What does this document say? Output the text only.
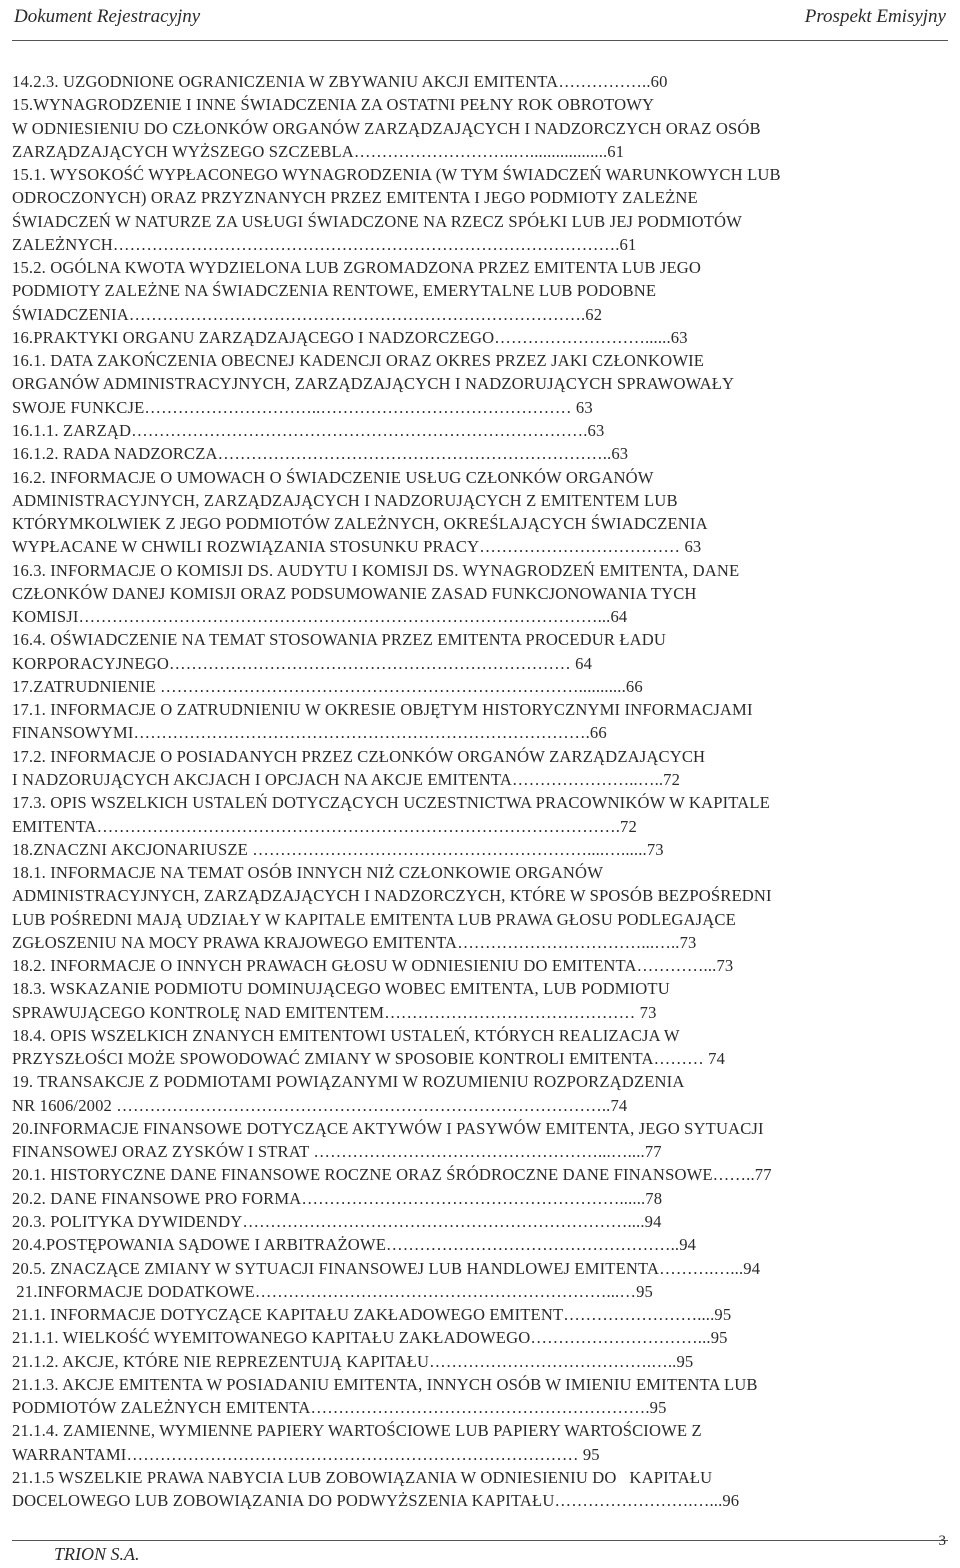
Dokument Rejestracyjny	Prospekt Emisyjny
14.2.3. UZGODNIONE OGRANICZENIA W ZBYWANIU AKCJI EMITENTA……………..60
15.WYNAGRODZENIE I INNE ŚWIADCZENIA ZA OSTATNI PEŁNY ROK OBROTOWY
W ODNIESIENIU DO CZŁONKÓW ORGANÓW ZARZĄDZAJĄCYCH I NADZORCZYCH ORAZ OSÓB
ZARZĄDZAJĄCYCH WYŻSZEGO SZCZEBLA………………………..…..................61
15.1. WYSOKOŚĆ WYPŁACONEGO WYNAGRODZENIA (W TYM ŚWIADCZEŃ WARUNKOWYCH LUB
ODROCZONYCH) ORAZ PRZYZNANYCH PRZEZ EMITENTA I JEGO PODMIOTY ZALEŻNE
ŚWIADCZEŃ W NATURZE ZA USŁUGI ŚWIADCZONE NA RZECZ SPÓŁKI LUB JEJ PODMIOTÓW
ZALEŻNYCH……………………………………………………………………………….61
15.2. OGÓLNA KWOTA WYDZIELONA LUB ZGROMADZONA PRZEZ EMITENTA LUB JEGO
PODMIOTY ZALEŻNE NA ŚWIADCZENIA RENTOWE, EMERYTALNE LUB PODOBNE
ŚWIADCZENIA……………………………………………………………………….62
16.PRAKTYKI ORGANU ZARZĄDZAJĄCEGO I NADZORCZEGO………………………......63
16.1. DATA ZAKOŃCZENIA OBECNEJ KADENCJI ORAZ OKRES PRZEZ JAKI CZŁONKOWIE
ORGANÓW ADMINISTRACYJNYCH, ZARZĄDZAJĄCYCH I NADZORUJĄCYCH SPRAWOWAŁY
SWOJE FUNKCJE…………………………..……………………………………… 63
16.1.1. ZARZĄD……………………………………………………………………….63
16.1.2. RADA NADZORCZA……………………………………………………………..63
16.2. INFORMACJE O UMOWACH O ŚWIADCZENIE USŁUG CZŁONKÓW ORGANÓW
ADMINISTRACYJNYCH, ZARZĄDZAJĄCYCH I NADZORUJĄCYCH Z EMITENTEM LUB
KTÓRYMKOLWIEK Z JEGO PODMIOTÓW ZALEŻNYCH, OKREŚLAJĄCYCH ŚWIADCZENIA
WYPŁACANE W CHWILI ROZWIĄZANIA STOSUNKU PRACY……………………………… 63
16.3. INFORMACJE O KOMISJI DS. AUDYTU I KOMISJI DS. WYNAGRODZEŃ EMITENTA, DANE
CZŁONKÓW DANEJ KOMISJI ORAZ PODSUMOWANIE ZASAD FUNKCJONOWANIA TYCH
KOMISJI…………………………………………………………………………………...64
16.4. OŚWIADCZENIE NA TEMAT STOSOWANIA PRZEZ EMITENTA PROCEDUR ŁADU
KORPORACYJNEGO……………………………………………………………… 64
17.ZATRUDNIENIE …………………………………………………………………...........66
17.1. INFORMACJE O ZATRUDNIENIU W OKRESIE OBJĘTYM HISTORYCZNYMI INFORMACJAMI
FINANSOWYMI……………………………………………………………………….66
17.2. INFORMACJE O POSIADANYCH PRZEZ CZŁONKÓW ORGANÓW ZARZĄDZAJĄCYCH
I NADZORUJĄCYCH AKCJACH I OPCJACH NA AKCJE EMITENTA…………………..…..72
17.3. OPIS WSZELKICH USTALEŃ DOTYCZĄCYCH UCZESTNICTWA PRACOWNIKÓW W KAPITALE
EMITENTA………………………………………………………………………………….72
18.ZNACZNI AKCJONARIUSZE ……………………………………………………....…......73
18.1. INFORMACJE NA TEMAT OSÓB INNYCH NIŻ CZŁONKOWIE ORGANÓW
ADMINISTRACYJNYCH, ZARZĄDZAJĄCYCH I NADZORCZYCH, KTÓRE W SPOSÓB BEZPOŚREDNI
LUB POŚREDNI MAJĄ UDZIAŁY W KAPITALE EMITENTA LUB PRAWA GŁOSU PODLEGAJĄCE
ZGŁOSZENIU NA MOCY PRAWA KRAJOWEGO EMITENTA……………………………...…..73
18.2. INFORMACJE O INNYCH PRAWACH GŁOSU W ODNIESIENIU DO EMITENTA…………...73
18.3. WSKAZANIE PODMIOTU DOMINUJĄCEGO WOBEC EMITENTA, LUB PODMIOTU
SPRAWUJĄCEGO KONTROLĘ NAD EMITENTEM……………………………………… 73
18.4. OPIS WSZELKICH ZNANYCH EMITENTOWI USTALEŃ, KTÓRYCH REALIZACJA W
PRZYSZŁOŚCI MOŻE SPOWODOWAĆ ZMIANY W SPOSOBIE KONTROLI EMITENTA……… 74
19. TRANSAKCJE Z PODMIOTAMI POWIĄZANYMI W ROZUMIENIU ROZPORZĄDZENIA
NR 1606/2002 ……………………………………………………………………………..74
20.INFORMACJE FINANSOWE DOTYCZĄCE AKTYWÓW I PASYWÓW EMITENTA, JEGO SYTUACJI
FINANSOWEJ ORAZ ZYSKÓW I STRAT ……………………………………………...…....77
20.1. HISTORYCZNE DANE FINANSOWE ROCZNE ORAZ ŚRÓDROCZNE DANE FINANSOWE……..77
20.2. DANE FINANSOWE PRO FORMA…………………………………………………......78
20.3. POLITYKA DYWIDENDY……………………………………………………………....94
20.4.POSTĘPOWANIA SĄDOWE I ARBITRAŻOWE……………………………………………..94
20.5. ZNACZĄCE ZMIANY W SYTUACJI FINANSOWEJ LUB HANDLOWEJ EMITENTA……….…...94
21.INFORMACJE DODATKOWE………………………………………………………...…95
21.1. INFORMACJE DOTYCZĄCE KAPITAŁU ZAKŁADOWEGO EMITENT……………………....95
21.1.1. WIELKOŚĆ WYEMITOWANEGO KAPITAŁU ZAKŁADOWEGO…………………………...95
21.1.2. AKCJE, KTÓRE NIE REPREZENTUJĄ KAPITAŁU………………………………….…..95
21.1.3. AKCJE EMITENTA W POSIADANIU EMITENTA, INNYCH OSÓB W IMIENIU EMITENTA LUB
PODMIOTÓW ZALEŻNYCH EMITENTA…………………………………………………….95
21.1.4. ZAMIENNE, WYMIENNE PAPIERY WARTOŚCIOWE LUB PAPIERY WARTOŚCIOWE Z
WARRANTAMI……………………………………………………………………… 95
21.1.5 WSZELKIE PRAWA NABYCIA LUB ZOBOWIĄZANIA W ODNIESIENIU DO   KAPITAŁU
DOCELOWEGO LUB ZOBOWIĄZANIA DO PODWYŻSZENIA KAPITAŁU…………………….…...96
TRION S.A.
3
